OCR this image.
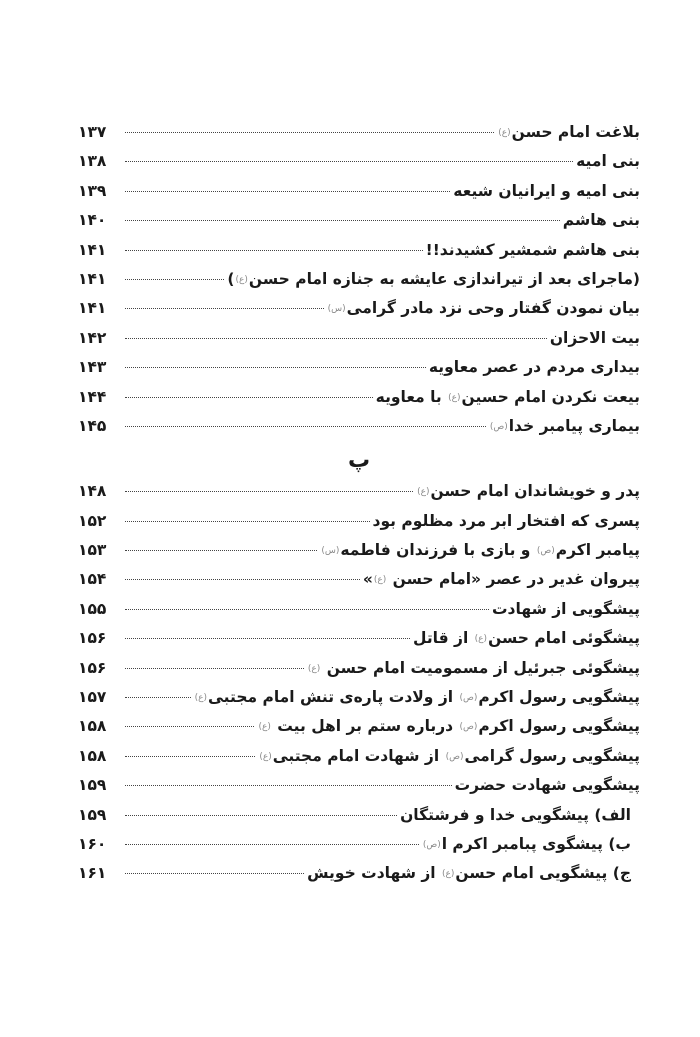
بلاغت امام حسن(ع)
۱۳۷
بنی امیه
۱۳۸
بنی امیه و ایرانیان شیعه
۱۳۹
بنی هاشم
۱۴۰
بنی هاشم شمشیر کشیدند!!
۱۴۱
(ماجرای بعد از تیراندازی عایشه به جنازه امام حسن(ع))
۱۴۱
بیان نمودن گفتار وحی نزد مادر گرامی(س)
۱۴۱
بیت الاحزان
۱۴۲
بیداری مردم در عصر معاویه
۱۴۳
بیعت نکردن امام حسین(ع) با معاویه
۱۴۴
بیماری پیامبر خدا(ص)
۱۴۵
پ
پدر و خویشاندان امام حسن(ع)
۱۴۸
پسری که افتخار ابر مرد مظلوم بود
۱۵۲
پیامبر اکرم(ص) و بازی با فرزندان فاطمه(س)
۱۵۳
پیروان غدیر در عصر «امام حسن (ع)»
۱۵۴
پیشگویی از شهادت
۱۵۵
پیشگوئی امام حسن(ع) از قاتل
۱۵۶
پیشگوئی جبرئیل از مسمومیت امام حسن (ع)
۱۵۶
پیشگویی رسول اکرم(ص) از ولادت پاره‌ی تنش امام مجتبی(ع)
۱۵۷
پیشگویی رسول اکرم(ص) درباره ستم بر اهل بیت (ع)
۱۵۸
پیشگویی رسول گرامی(ص) از شهادت امام مجتبی(ع)
۱۵۸
پیشگویی شهادت حضرت
۱۵۹
الف) پیشگویی خدا و فرشتگان
۱۵۹
ب) پیشگوی پبامبر اکرم ا(ص)
۱۶۰
ج) پیشگویی امام حسن(ع) از شهادت خویش
۱۶۱
